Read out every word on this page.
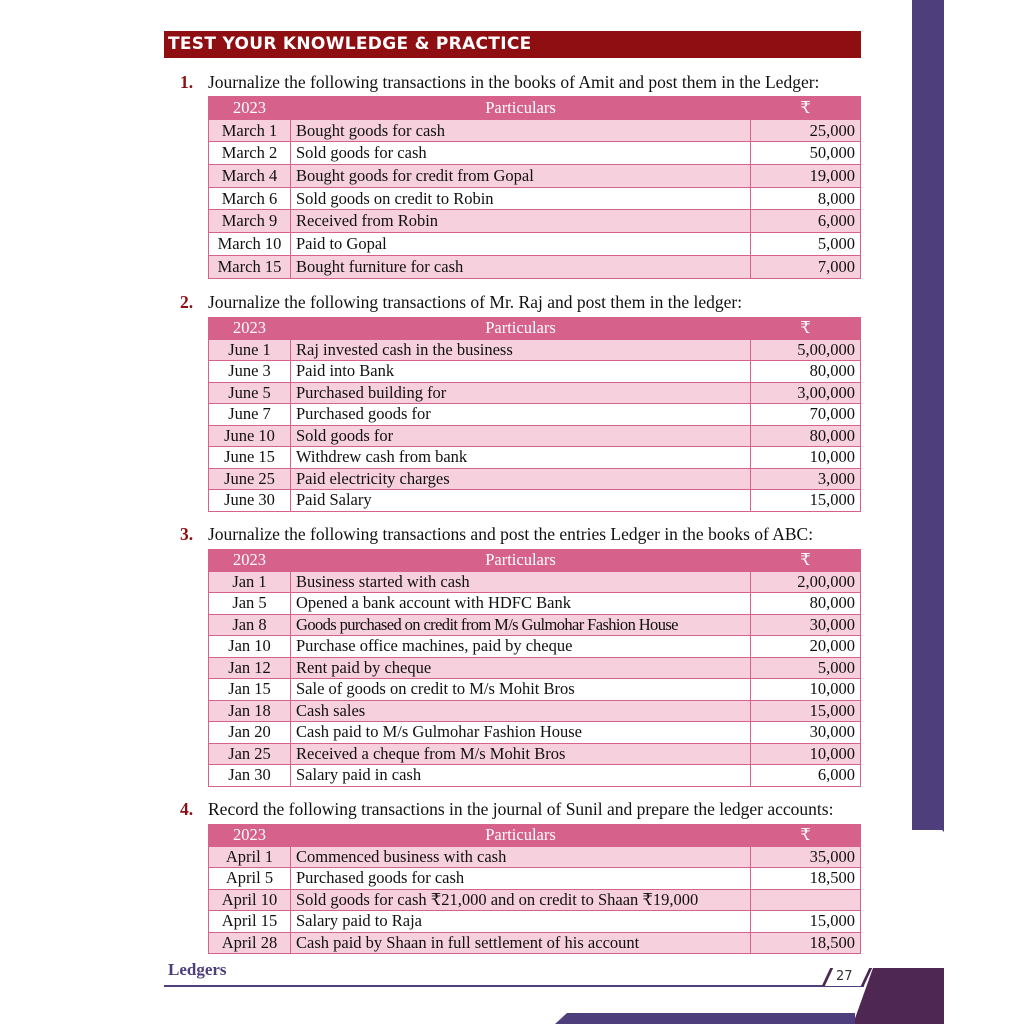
TEST YOUR KNOWLEDGE & PRACTICE
1. Journalize the following transactions in the books of Amit and post them in the Ledger:
2023	Particulars	₹
March 1	Bought goods for cash	25,000
March 2	Sold goods for cash	50,000
March 4	Bought goods for credit from Gopal	19,000
March 6	Sold goods on credit to Robin	8,000
March 9	Received from Robin	6,000
March 10	Paid to Gopal	5,000
March 15	Bought furniture for cash	7,000
2. Journalize the following transactions of Mr. Raj and post them in the ledger:
2023	Particulars	₹
June 1	Raj invested cash in the business	5,00,000
June 3	Paid into Bank	80,000
June 5	Purchased building for	3,00,000
June 7	Purchased goods for	70,000
June 10	Sold goods for	80,000
June 15	Withdrew cash from bank	10,000
June 25	Paid electricity charges	3,000
June 30	Paid Salary	15,000
3. Journalize the following transactions and post the entries Ledger in the books of ABC:
2023	Particulars	₹
Jan 1	Business started with cash	2,00,000
Jan 5	Opened a bank account with HDFC Bank	80,000
Jan 8	Goods purchased on credit from M/s Gulmohar Fashion House	30,000
Jan 10	Purchase office machines, paid by cheque	20,000
Jan 12	Rent paid by cheque	5,000
Jan 15	Sale of goods on credit to M/s Mohit Bros	10,000
Jan 18	Cash sales	15,000
Jan 20	Cash paid to M/s Gulmohar Fashion House	30,000
Jan 25	Received a cheque from M/s Mohit Bros	10,000
Jan 30	Salary paid in cash	6,000
4. Record the following transactions in the journal of Sunil and prepare the ledger accounts:
2023	Particulars	₹
April 1	Commenced business with cash	35,000
April 5	Purchased goods for cash	18,500
April 10	Sold goods for cash ₹21,000 and on credit to Shaan ₹19,000	
April 15	Salary paid to Raja	15,000
April 28	Cash paid by Shaan in full settlement of his account	18,500
Ledgers	27
